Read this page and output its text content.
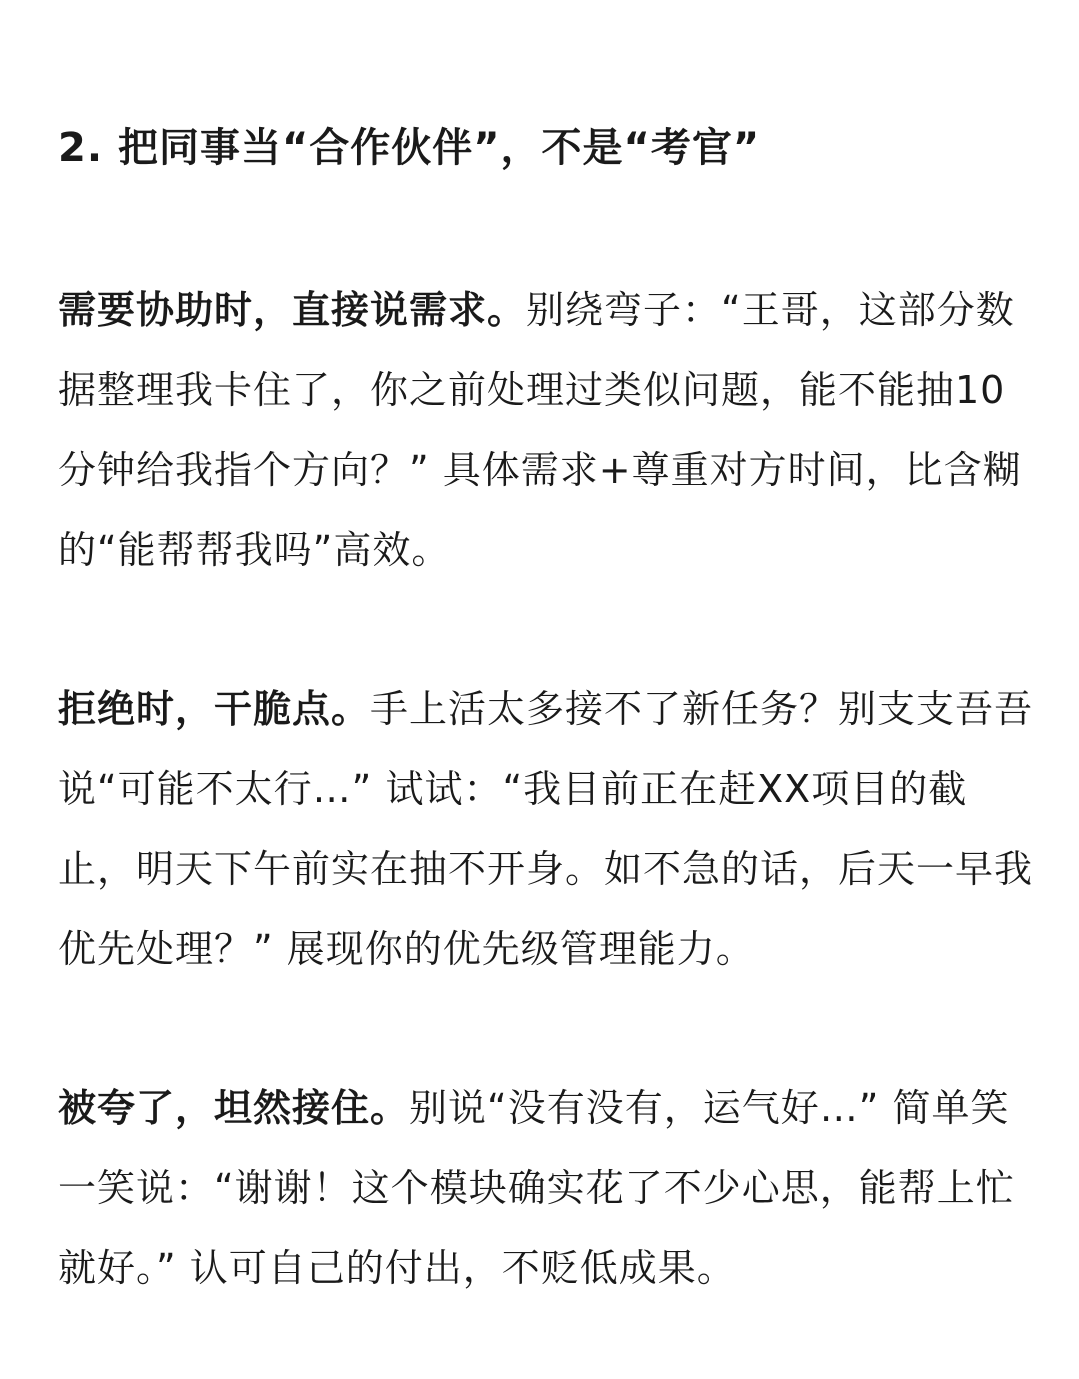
2. 把同事当“合作伙伴”，不是“考官”

需要协助时，直接说需求。别绕弯子：“王哥，这部分数据整理我卡住了，你之前处理过类似问题，能不能抽10分钟给我指个方向？” 具体需求+尊重对方时间，比含糊的“能帮帮我吗”高效。

拒绝时，干脆点。手上活太多接不了新任务？别支支吾吾说“可能不太行…” 试试：“我目前正在赶XX项目的截止，明天下午前实在抽不开身。如不急的话，后天一早我优先处理？” 展现你的优先级管理能力。

被夸了，坦然接住。别说“没有没有，运气好…” 简单笑一笑说：“谢谢！这个模块确实花了不少心思，能帮上忙就好。” 认可自己的付出，不贬低成果。
